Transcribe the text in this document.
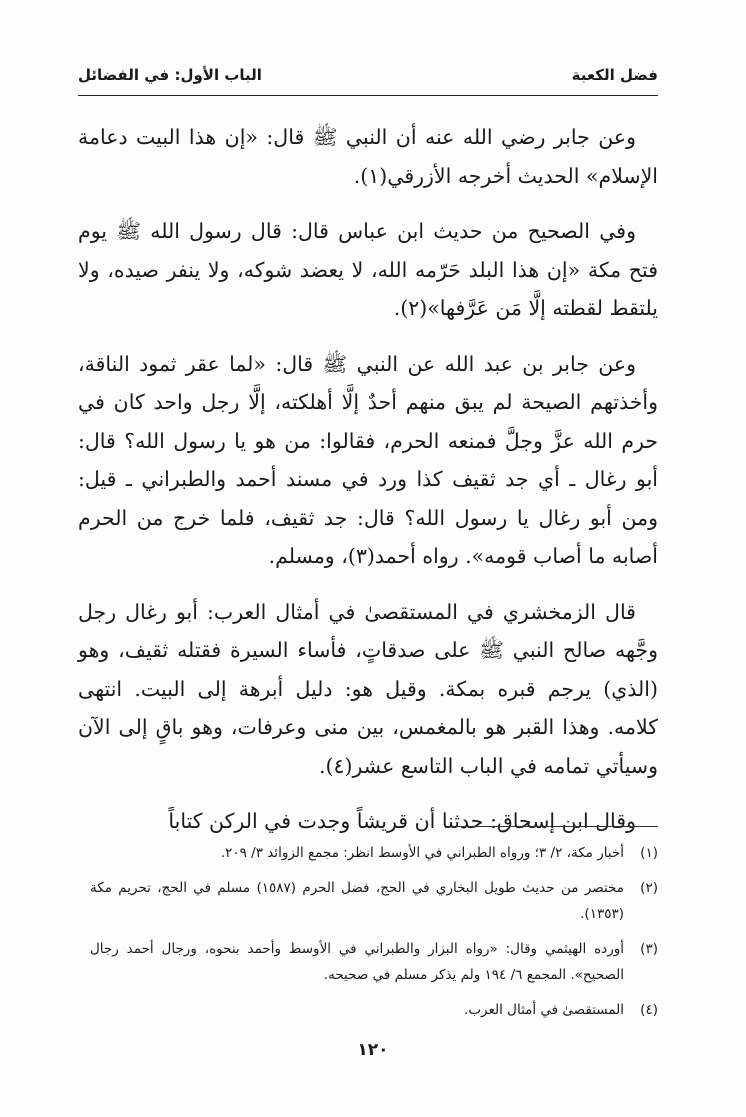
فضل الكعبة
الباب الأول: في الفضائل

وعن جابر رضي الله عنه أن النبي ﷺ قال: «إن هذا البيت دعامة الإسلام» الحديث أخرجه الأزرقي(١).

وفي الصحيح من حديث ابن عباس قال: قال رسول الله ﷺ يوم فتح مكة «إن هذا البلد حَرّمه الله، لا يعضد شوكه، ولا ينفر صيده، ولا يلتقط لقطته إلَّا مَن عَرَّفها»(٢).

وعن جابر بن عبد الله عن النبي ﷺ قال: «لما عقر ثمود الناقة، وأخذتهم الصيحة لم يبق منهم أحدٌ إلَّا أهلكته، إلَّا رجل واحد كان في حرم الله عزَّ وجلَّ فمنعه الحرم، فقالوا: من هو يا رسول الله؟ قال: أبو رغال ـ أي جد ثقيف كذا ورد في مسند أحمد والطبراني ـ قيل: ومن أبو رغال يا رسول الله؟ قال: جد ثقيف، فلما خرج من الحرم أصابه ما أصاب قومه». رواه أحمد(٣)، ومسلم.

قال الزمخشري في المستقصىٰ في أمثال العرب: أبو رغال رجل وجَّهه صالح النبي ﷺ على صدقاتٍ، فأساء السيرة فقتله ثقيف، وهو (الذي) يرجم قبره بمكة. وقيل هو: دليل أبرهة إلى البيت. انتهى كلامه. وهذا القبر هو بالمغمس، بين منى وعرفات، وهو باقٍ إلى الآن وسيأتي تمامه في الباب التاسع عشر(٤).

وقال ابن إسحاق: حدثنا أن قريشاً وجدت في الركن كتاباً

(١)
أخبار مكة، ٢/ ٣؛ ورواه الطبراني في الأوسط انظر: مجمع الزوائد ٣/ ٢٠٩.
(٢)
مختصر من حديث طويل البخاري في الحج، فضل الحرم (١٥٨٧) مسلم في الحج، تحريم مكة (١٣٥٣).
(٣)
أورده الهيثمي وقال: «رواه البزار والطبراني في الأوسط وأحمد بنحوه، ورجال أحمد رجال الصحيح». المجمع ٦/ ١٩٤ ولم يذكر مسلم في صحيحه.
(٤)
المستقصىٰ في أمثال العرب.
١٢٠
